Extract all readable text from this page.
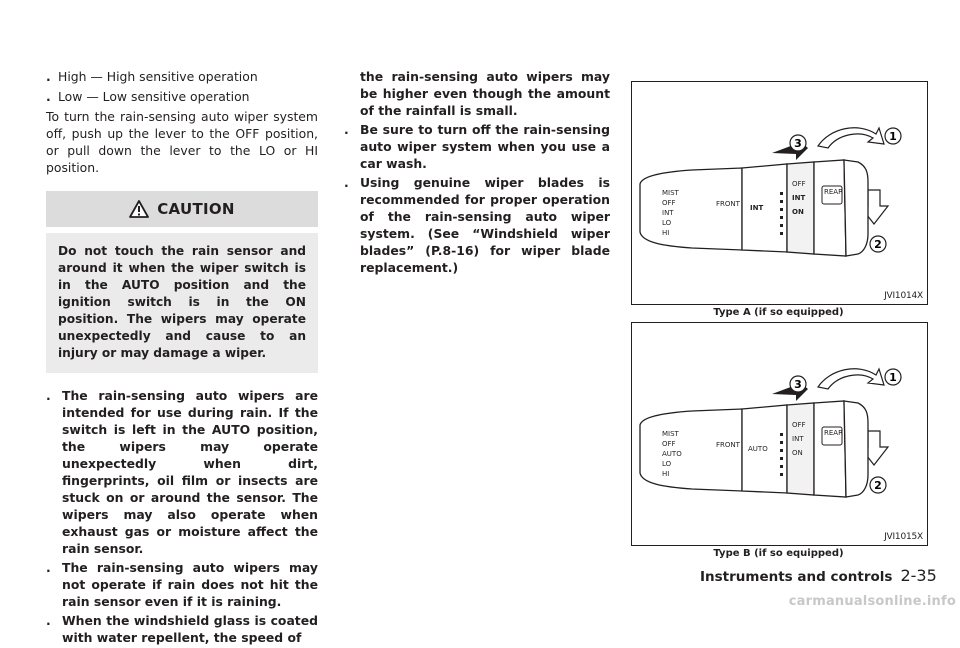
. High — High sensitive operation
. Low — Low sensitive operation

To turn the rain-sensing auto wiper system off, push up the lever to the OFF position, or pull down the lever to the LO or HI position.

CAUTION
Do not touch the rain sensor and around it when the wiper switch is in the AUTO position and the ignition switch is in the ON position. The wipers may operate unexpectedly and cause to an injury or may damage a wiper.
. The rain-sensing auto wipers are intended for use during rain. If the switch is left in the AUTO position, the wipers may operate unexpectedly when dirt, fingerprints, oil film or insects are stuck on or around the sensor. The wipers may also operate when exhaust gas or moisture affect the rain sensor.
. The rain-sensing auto wipers may not operate if rain does not hit the rain sensor even if it is raining.
. When the windshield glass is coated with water repellent, the speed of
the rain-sensing auto wipers may be higher even though the amount of the rainfall is small.
. Be sure to turn off the rain-sensing auto wiper system when you use a car wash.
. Using genuine wiper blades is recommended for proper operation of the rain-sensing auto wiper system. (See “Windshield wiper blades” (P.8-16) for wiper blade replacement.)
3
1
2
MIST
OFF
INT
LO
HI
FRONT INT
OFF
INT
ON
REAR
JVI1014X
Type A (if so equipped)
3
1
2
MIST
OFF
AUTO
LO
HI
FRONT AUTO
OFF
INT
ON
REAR
JVI1015X
Type B (if so equipped)
Instruments and controls 2-35
carmanualsonline.info
